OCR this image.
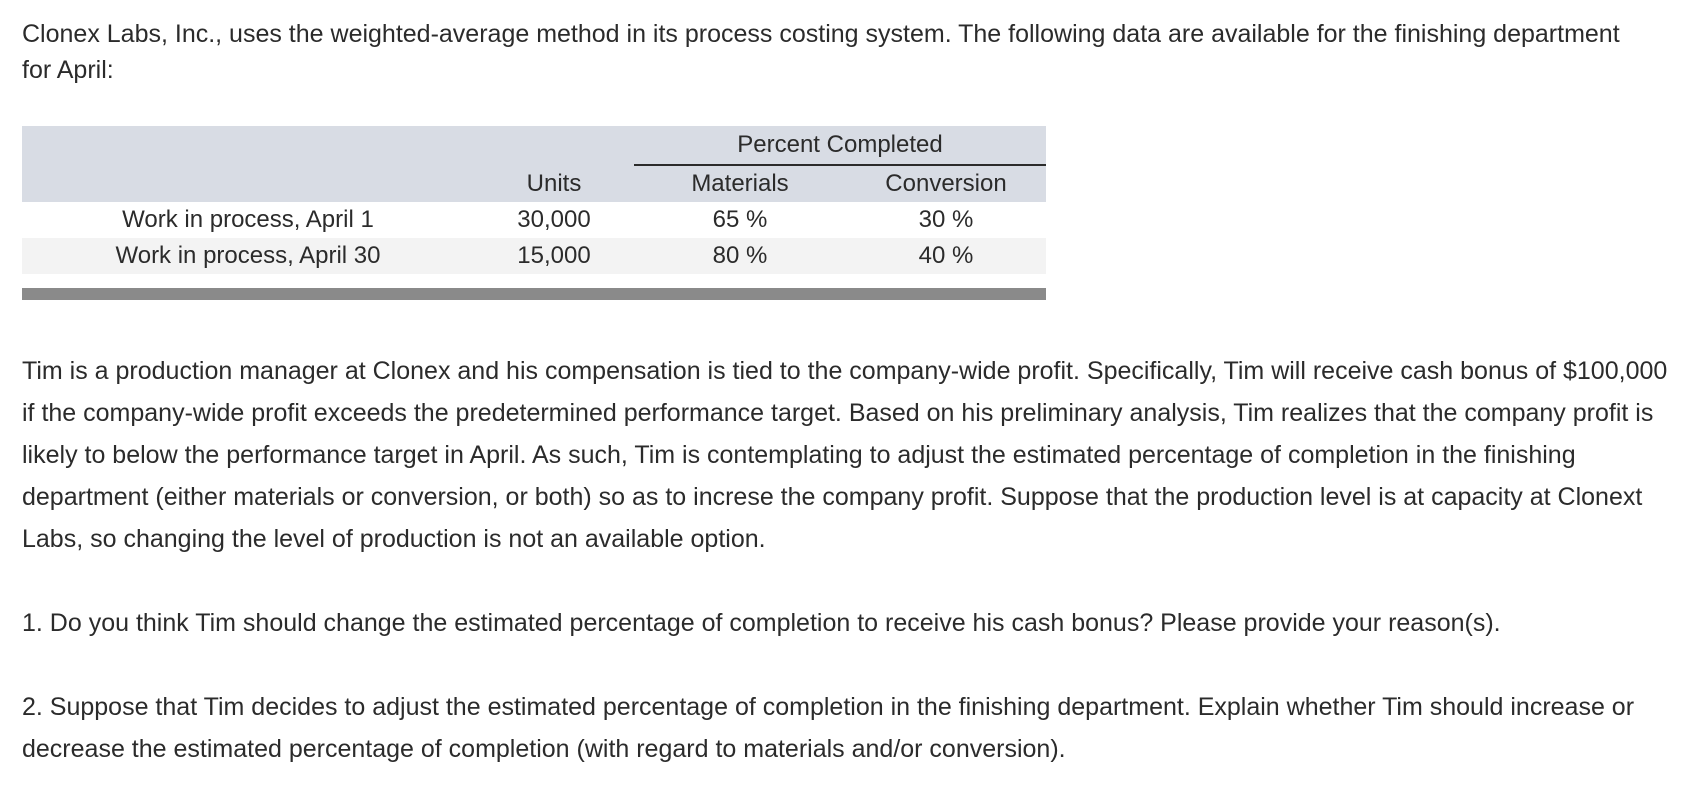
Clonex Labs, Inc., uses the weighted-average method in its process costing system. The following data are available for the finishing department for April:

		Percent Completed	
	Units	Materials	Conversion
Work in process, April 1	30,000	65 %	30 %
Work in process, April 30	15,000	80 %	40 %

Tim is a production manager at Clonex and his compensation is tied to the company-wide profit. Specifically, Tim will receive cash bonus of $100,000 if the company-wide profit exceeds the predetermined performance target. Based on his preliminary analysis, Tim realizes that the company profit is likely to below the performance target in April. As such, Tim is contemplating to adjust the estimated percentage of completion in the finishing department (either materials or conversion, or both) so as to increse the company profit. Suppose that the production level is at capacity at Clonext Labs, so changing the level of production is not an available option.

1. Do you think Tim should change the estimated percentage of completion to receive his cash bonus? Please provide your reason(s).

2. Suppose that Tim decides to adjust the estimated percentage of completion in the finishing department. Explain whether Tim should increase or decrease the estimated percentage of completion (with regard to materials and/or conversion).
